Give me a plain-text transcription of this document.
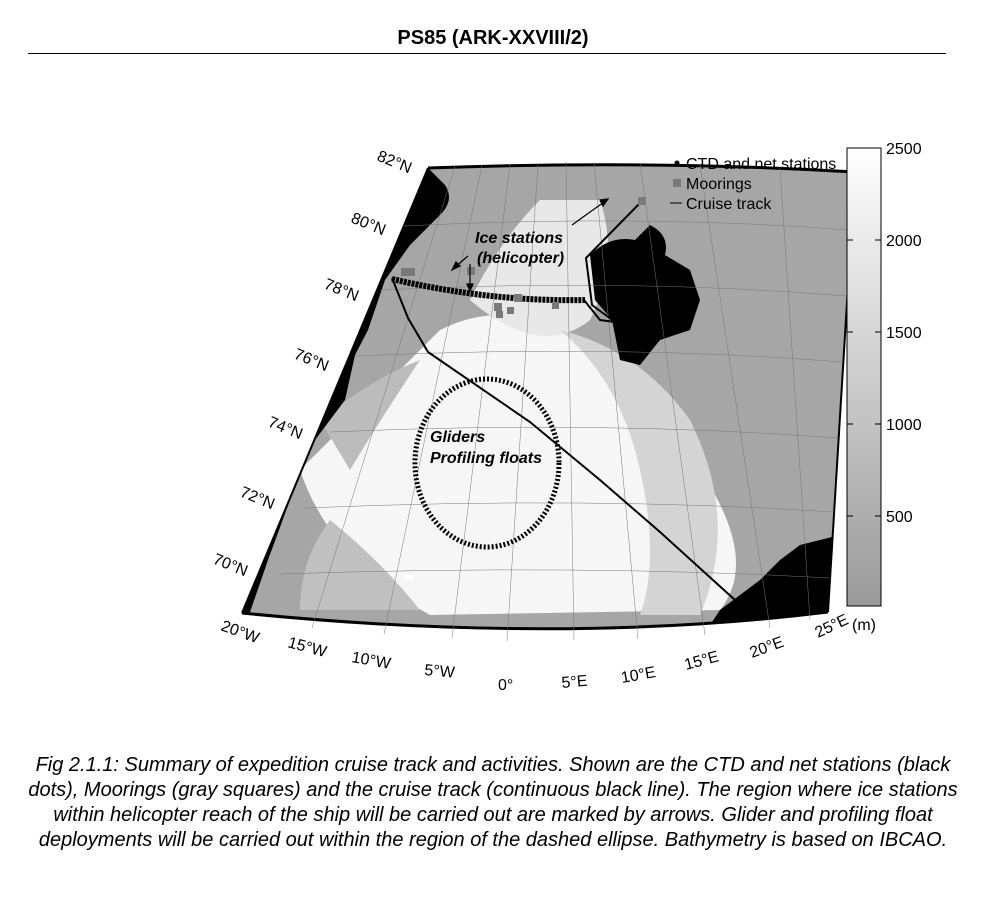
PS85 (ARK-XXVIII/2)
82°N
80°N
78°N
76°N
74°N
72°N
70°N
20°W
15°W 10°W 5°W
0°	5°E 10°E
15°E 20°E
25°E
Ice stations
(helicopter)
Gliders
Profiling floats
CTD and net stations
Moorings
Cruise track
2500
2000
1500
1000
500
(m)
Fig 2.1.1: Summary of expedition cruise track and activities. Shown are the CTD and net stations (black dots), Moorings (gray squares) and the cruise track (continuous black line). The region where ice stations within helicopter reach of the ship will be carried out are marked by arrows. Glider and profiling float deployments will be carried out within the region of the dashed ellipse. Bathymetry is based on IBCAO.
